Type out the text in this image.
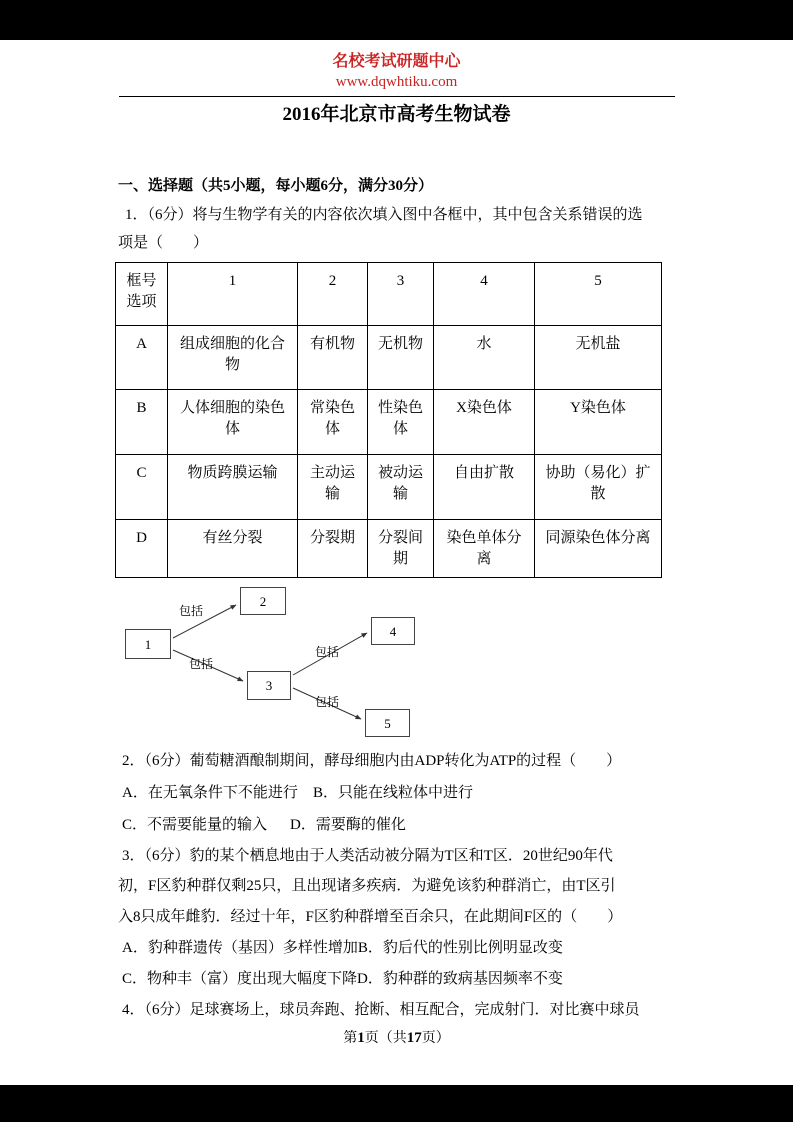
名校考试研题中心
www.dqwhtiku.com
2016年北京市高考生物试卷
一、选择题（共5小题，每小题6分，满分30分）
1．（6分）将与生物学有关的内容依次填入图中各框中，其中包含关系错误的选
项是（　　）
框号
选项	1	2	3	4	5
A	组成细胞的化合物	有机物	无机物	水	无机盐
B	人体细胞的染色体	常染色体	性染色体	X染色体	Y染色体
C	物质跨膜运输	主动运输	被动运输	自由扩散	协助（易化）扩散
D	有丝分裂	分裂期	分裂间期	染色单体分离	同源染色体分离
1
2
3
4
5
包括
包括
包括
包括
2．（6分）葡萄糖酒酿制期间，酵母细胞内由ADP转化为ATP的过程（　　）
A．在无氧条件下不能进行 B．只能在线粒体中进行
C．不需要能量的输入 D．需要酶的催化
3．（6分）豹的某个栖息地由于人类活动被分隔为T区和T区．20世纪90年代
初，F区豹种群仅剩25只，且出现诸多疾病．为避免该豹种群消亡，由T区引
入8只成年雌豹．经过十年，F区豹种群增至百余只，在此期间F区的（　　）
A．豹种群遗传（基因）多样性增加B．豹后代的性别比例明显改变
C．物种丰（富）度出现大幅度下降D．豹种群的致病基因频率不变
4．（6分）足球赛场上，球员奔跑、抢断、相互配合，完成射门．对比赛中球员
第1页（共17页）
